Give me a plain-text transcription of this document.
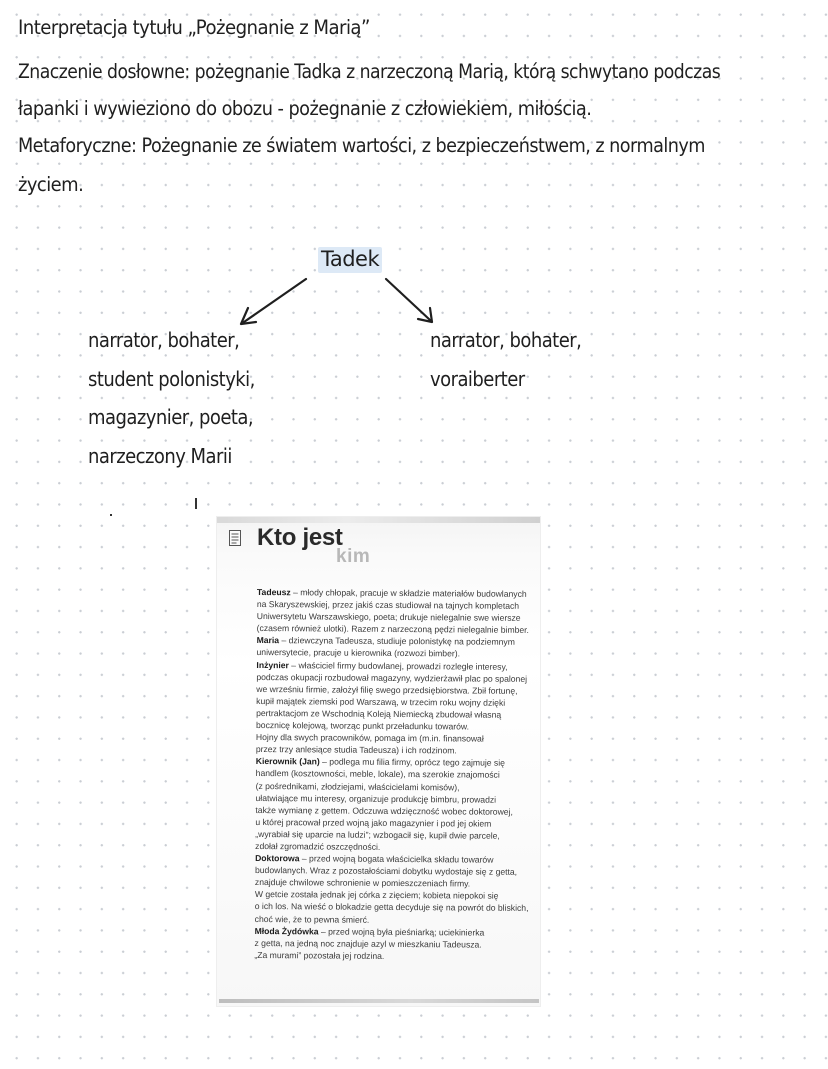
Interpretacja tytułu „Pożegnanie z Marią”
Znaczenie dosłowne: pożegnanie Tadka z narzeczoną Marią, którą schwytano podczas
łapanki i wywieziono do obozu - pożegnanie z człowiekiem, miłością.
Metaforyczne: Pożegnanie ze światem wartości, z bezpieczeństwem, z normalnym
życiem.
Tadek
narrator, bohater,
student polonistyki,
magazynier, poeta,
narzeczony Marii
narrator, bohater,
voraiberter
kim
Kto jest
Tadeusz – młody chłopak, pracuje w składzie materiałów budowlanych
na Skaryszewskiej, przez jakiś czas studiował na tajnych kompletach
Uniwersytetu Warszawskiego, poeta; drukuje nielegalnie swe wiersze
(czasem również ulotki). Razem z narzeczoną pędzi nielegalnie bimber.
Maria – dziewczyna Tadeusza, studiuje polonistykę na podziemnym
uniwersytecie, pracuje u kierownika (rozwozi bimber).
Inżynier – właściciel firmy budowlanej, prowadzi rozległe interesy,
podczas okupacji rozbudował magazyny, wydzierżawił plac po spalonej
we wrześniu firmie, założył filię swego przedsiębiorstwa. Zbił fortunę,
kupił majątek ziemski pod Warszawą, w trzecim roku wojny dzięki
pertraktacjom ze Wschodnią Koleją Niemiecką zbudował własną
bocznicę kolejową, tworząc punkt przeładunku towarów.
Hojny dla swych pracowników, pomaga im (m.in. finansował
przez trzy anlesiące studia Tadeusza) i ich rodzinom.
Kierownik (Jan) – podlega mu filia firmy, oprócz tego zajmuje się
handlem (kosztowności, meble, lokale), ma szerokie znajomości
(z pośrednikami, złodziejami, właścicielami komisów),
ułatwiające mu interesy, organizuje produkcję bimbru, prowadzi
także wymianę z gettem. Odczuwa wdzięczność wobec doktorowej,
u której pracował przed wojną jako magazynier i pod jej okiem
„wyrabiał się uparcie na ludzi”; wzbogacił się, kupił dwie parcele,
zdołał zgromadzić oszczędności.
Doktorowa – przed wojną bogata właścicielka składu towarów
budowlanych. Wraz z pozostałościami dobytku wydostaje się z getta,
znajduje chwilowe schronienie w pomieszczeniach firmy.
W getcie została jednak jej córka z zięciem; kobieta niepokoi się
o ich los. Na wieść o blokadzie getta decyduje się na powrót do bliskich,
choć wie, że to pewna śmierć.
Młoda Żydówka – przed wojną była pieśniarką; uciekinierka
z getta, na jedną noc znajduje azyl w mieszkaniu Tadeusza.
„Za murami” pozostała jej rodzina.
